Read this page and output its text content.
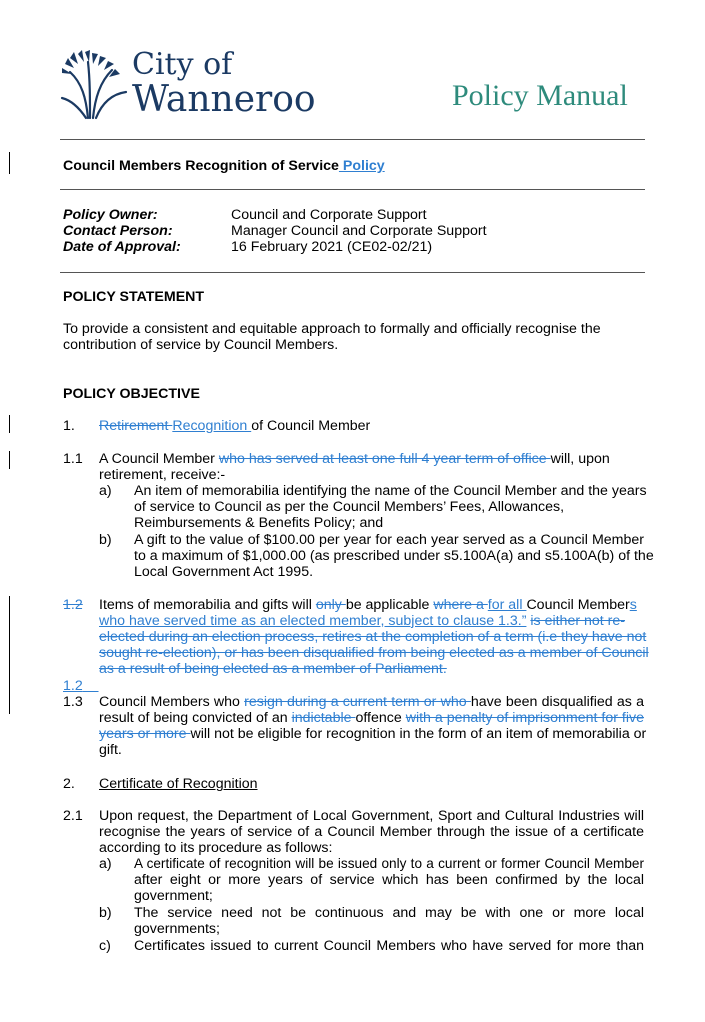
City of
Wanneroo	Policy Manual
Council Members Recognition of Service Policy
Policy Owner:	Council and Corporate Support
Contact Person:	Manager Council and Corporate Support
Date of Approval:	16 February 2021 (CE02-02/21)
POLICY STATEMENT
To provide a consistent and equitable approach to formally and officially recognise the
contribution of service by Council Members.
POLICY OBJECTIVE
1. Retirement Recognition of Council Member
1.1 A Council Member who has served at least one full 4 year term of office will, upon
retirement, receive:-
a) An item of memorabilia identifying the name of the Council Member and the years
of service to Council as per the Council Members’ Fees, Allowances,
Reimbursements & Benefits Policy; and
b) A gift to the value of $100.00 per year for each year served as a Council Member
to a maximum of $1,000.00 (as prescribed under s5.100A(a) and s5.100A(b) of the
Local Government Act 1995.
1.2 Items of memorabilia and gifts will only be applicable where a for all Council Members
who have served time as an elected member, subject to clause 1.3.” is either not re-
elected during an election process, retires at the completion of a term (i.e they have not
sought re-election), or has been disqualified from being elected as a member of Council
as a result of being elected as a member of Parliament.
1.2
1.3 Council Members who resign during a current term or who have been disqualified as a
result of being convicted of an indictable offence with a penalty of imprisonment for five
years or more will not be eligible for recognition in the form of an item of memorabilia or
gift.
2. Certificate of Recognition
2.1 Upon request, the Department of Local Government, Sport and Cultural Industries will
recognise the years of service of a Council Member through the issue of a certificate
according to its procedure as follows:
a) A certificate of recognition will be issued only to a current or former Council Member
after eight or more years of service which has been confirmed by the local
government;
b) The service need not be continuous and may be with one or more local
governments;
c) Certificates issued to current Council Members who have served for more than
